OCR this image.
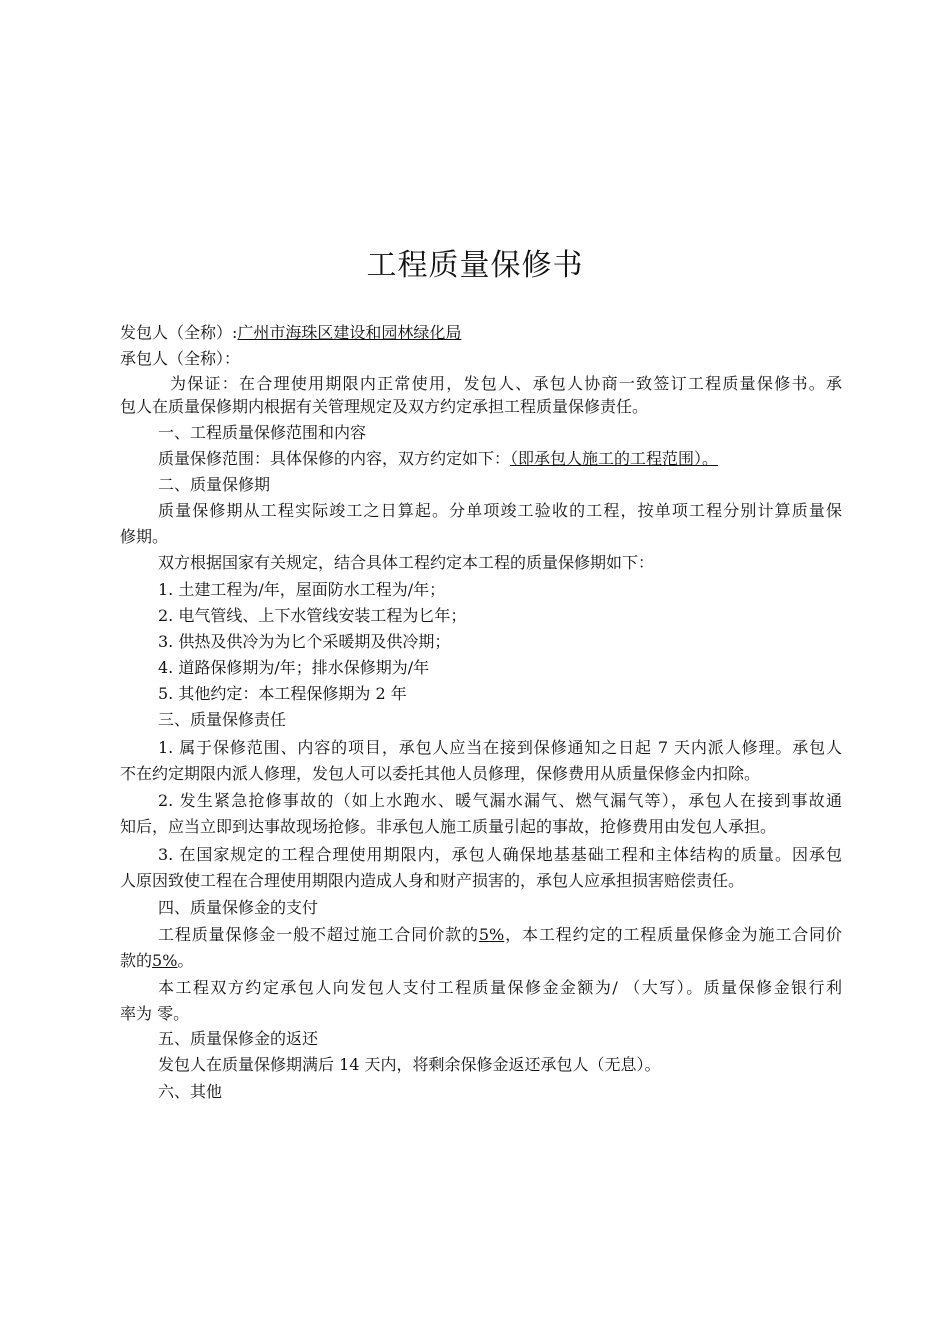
工程质量保修书
发包人（全称）:广州市海珠区建设和园林绿化局
承包人（全称）：
为保证：在合理使用期限内正常使用，发包人、承包人协商一致签订工程质量保修书。承
包人在质量保修期内根据有关管理规定及双方约定承担工程质量保修责任。
一、工程质量保修范围和内容
质量保修范围：具体保修的内容，双方约定如下：（即承包人施工的工程范围）。
二、质量保修期
质量保修期从工程实际竣工之日算起。分单项竣工验收的工程，按单项工程分别计算质量保
修期。
双方根据国家有关规定，结合具体工程约定本工程的质量保修期如下：
1. 土建工程为/年，屋面防水工程为/年；
2. 电气管线、上下水管线安装工程为匕年；
3. 供热及供冷为为匕个采暖期及供冷期；
4. 道路保修期为/年；排水保修期为/年
5. 其他约定：本工程保修期为 2 年
三、质量保修责任
1. 属于保修范围、内容的项目，承包人应当在接到保修通知之日起 7 天内派人修理。承包人
不在约定期限内派人修理，发包人可以委托其他人员修理，保修费用从质量保修金内扣除。
2. 发生紧急抢修事故的（如上水跑水、暖气漏水漏气、燃气漏气等），承包人在接到事故通
知后，应当立即到达事故现场抢修。非承包人施工质量引起的事故，抢修费用由发包人承担。
3. 在国家规定的工程合理使用期限内，承包人确保地基基础工程和主体结构的质量。因承包
人原因致使工程在合理使用期限内造成人身和财产损害的，承包人应承担损害赔偿责任。
四、质量保修金的支付
工程质量保修金一般不超过施工合同价款的5%，本工程约定的工程质量保修金为施工合同价
款的5%。
本工程双方约定承包人向发包人支付工程质量保修金金额为/ （大写）。质量保修金银行利
率为 零。
五、质量保修金的返还
发包人在质量保修期满后 14 天内，将剩余保修金返还承包人（无息）。
六、其他
